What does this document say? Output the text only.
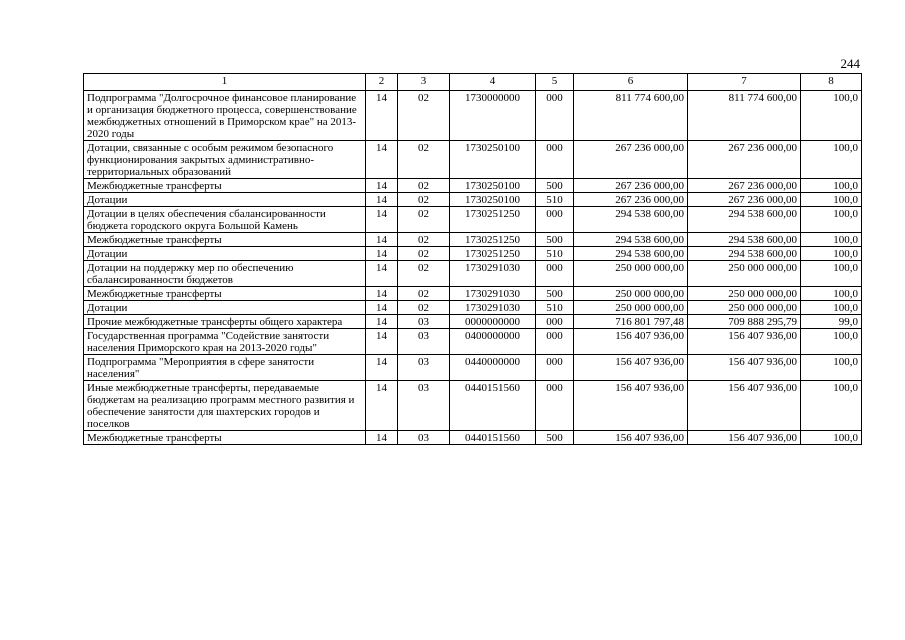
244
1	2	3	4	5	6	7	8
Подпрограмма "Долгосрочное финансовое планирование и организация бюджетного процесса, совершенствование межбюджетных отношений в Приморском крае" на 2013-2020 годы	14	02	1730000000	000	811 774 600,00	811 774 600,00	100,0
Дотации, связанные с особым режимом безопасного функционирования закрытых административно-территориальных образований	14	02	1730250100	000	267 236 000,00	267 236 000,00	100,0
Межбюджетные трансферты	14	02	1730250100	500	267 236 000,00	267 236 000,00	100,0
Дотации	14	02	1730250100	510	267 236 000,00	267 236 000,00	100,0
Дотации в целях обеспечения сбалансированности бюджета городского округа Большой Камень	14	02	1730251250	000	294 538 600,00	294 538 600,00	100,0
Межбюджетные трансферты	14	02	1730251250	500	294 538 600,00	294 538 600,00	100,0
Дотации	14	02	1730251250	510	294 538 600,00	294 538 600,00	100,0
Дотации на поддержку мер по обеспечению сбалансированности бюджетов	14	02	1730291030	000	250 000 000,00	250 000 000,00	100,0
Межбюджетные трансферты	14	02	1730291030	500	250 000 000,00	250 000 000,00	100,0
Дотации	14	02	1730291030	510	250 000 000,00	250 000 000,00	100,0
Прочие межбюджетные трансферты общего характера	14	03	0000000000	000	716 801 797,48	709 888 295,79	99,0
Государственная программа "Содействие занятости населения Приморского края на 2013-2020 годы"	14	03	0400000000	000	156 407 936,00	156 407 936,00	100,0
Подпрограмма "Мероприятия в сфере занятости населения"	14	03	0440000000	000	156 407 936,00	156 407 936,00	100,0
Иные межбюджетные трансферты, передаваемые бюджетам на реализацию программ местного развития и обеспечение занятости для шахтерских городов и поселков	14	03	0440151560	000	156 407 936,00	156 407 936,00	100,0
Межбюджетные трансферты	14	03	0440151560	500	156 407 936,00	156 407 936,00	100,0
